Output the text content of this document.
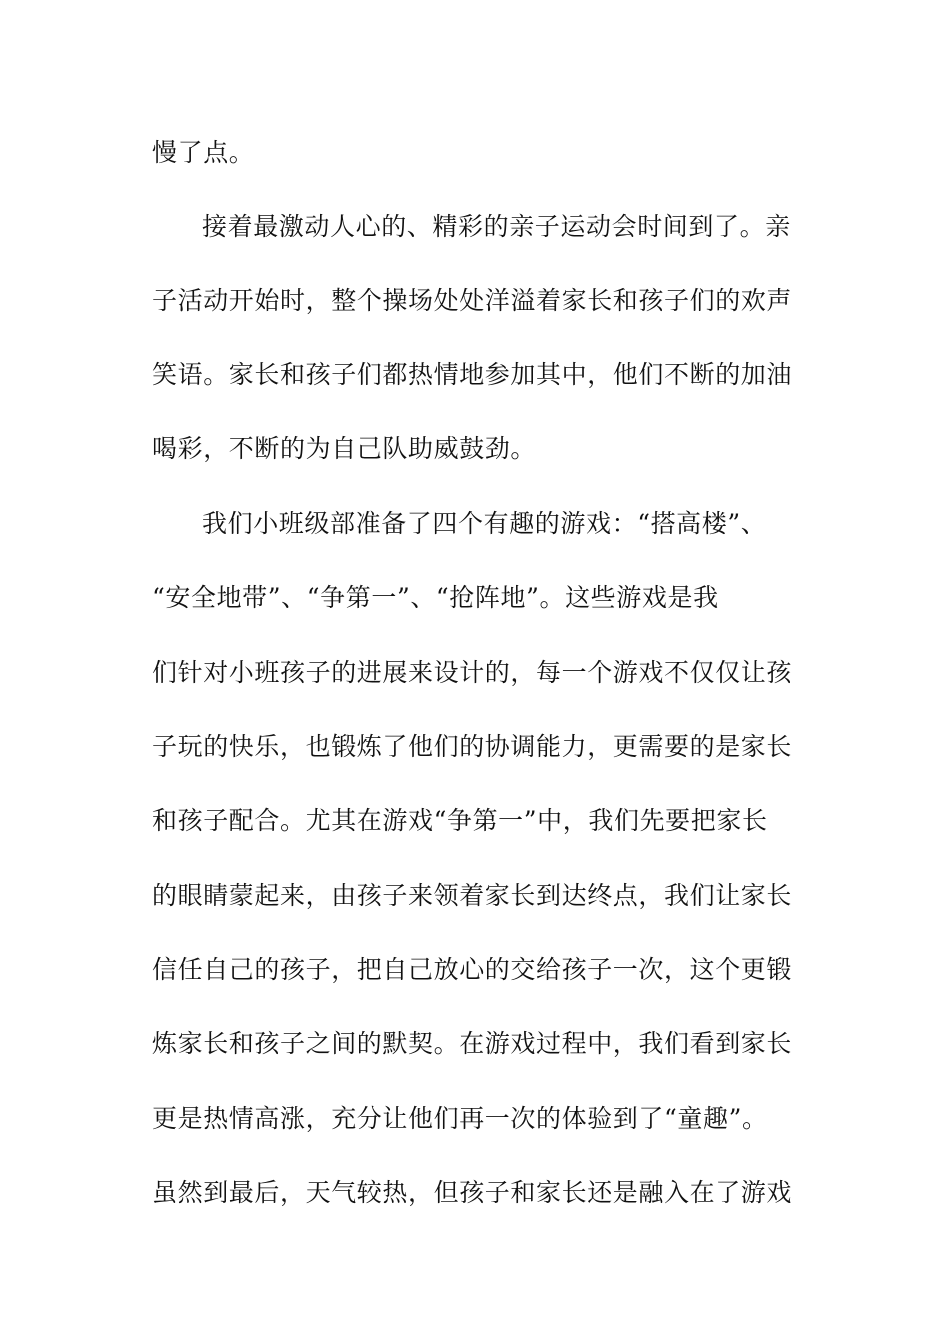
慢了点。
接着最激动人心的、精彩的亲子运动会时间到了。亲
子活动开始时，整个操场处处洋溢着家长和孩子们的欢声
笑语。家长和孩子们都热情地参加其中，他们不断的加油
喝彩，不断的为自己队助威鼓劲。
我们小班级部准备了四个有趣的游戏：“搭高楼”、
“安全地带”、“争第一”、“抢阵地”。这些游戏是我
们针对小班孩子的进展来设计的，每一个游戏不仅仅让孩
子玩的快乐，也锻炼了他们的协调能力，更需要的是家长
和孩子配合。尤其在游戏“争第一”中，我们先要把家长
的眼睛蒙起来，由孩子来领着家长到达终点，我们让家长
信任自己的孩子，把自己放心的交给孩子一次，这个更锻
炼家长和孩子之间的默契。在游戏过程中，我们看到家长
更是热情高涨，充分让他们再一次的体验到了“童趣”。
虽然到最后，天气较热，但孩子和家长还是融入在了游戏
